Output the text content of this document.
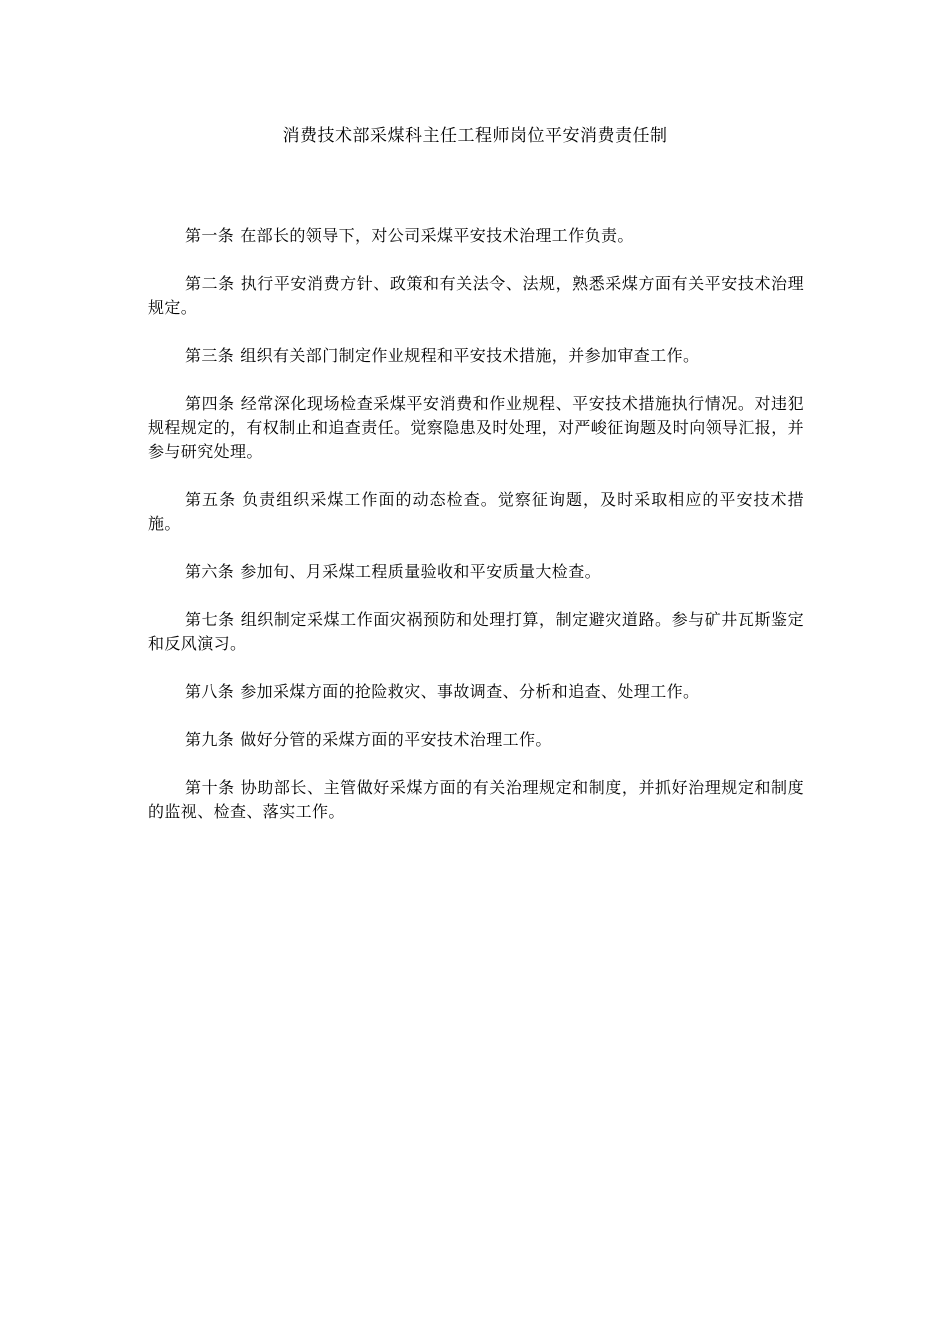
消费技术部采煤科主任工程师岗位平安消费责任制

第一条 在部长的领导下，对公司采煤平安技术治理工作负责。

第二条 执行平安消费方针、政策和有关法令、法规，熟悉采煤方面有关平安技术治理规定。

第三条 组织有关部门制定作业规程和平安技术措施，并参加审查工作。

第四条 经常深化现场检查采煤平安消费和作业规程、平安技术措施执行情况。对违犯规程规定的，有权制止和追查责任。觉察隐患及时处理，对严峻征询题及时向领导汇报，并参与研究处理。

第五条 负责组织采煤工作面的动态检查。觉察征询题，及时采取相应的平安技术措施。

第六条 参加旬、月采煤工程质量验收和平安质量大检查。

第七条 组织制定采煤工作面灾祸预防和处理打算，制定避灾道路。参与矿井瓦斯鉴定和反风演习。

第八条 参加采煤方面的抢险救灾、事故调查、分析和追查、处理工作。

第九条 做好分管的采煤方面的平安技术治理工作。

第十条 协助部长、主管做好采煤方面的有关治理规定和制度，并抓好治理规定和制度的监视、检查、落实工作。
